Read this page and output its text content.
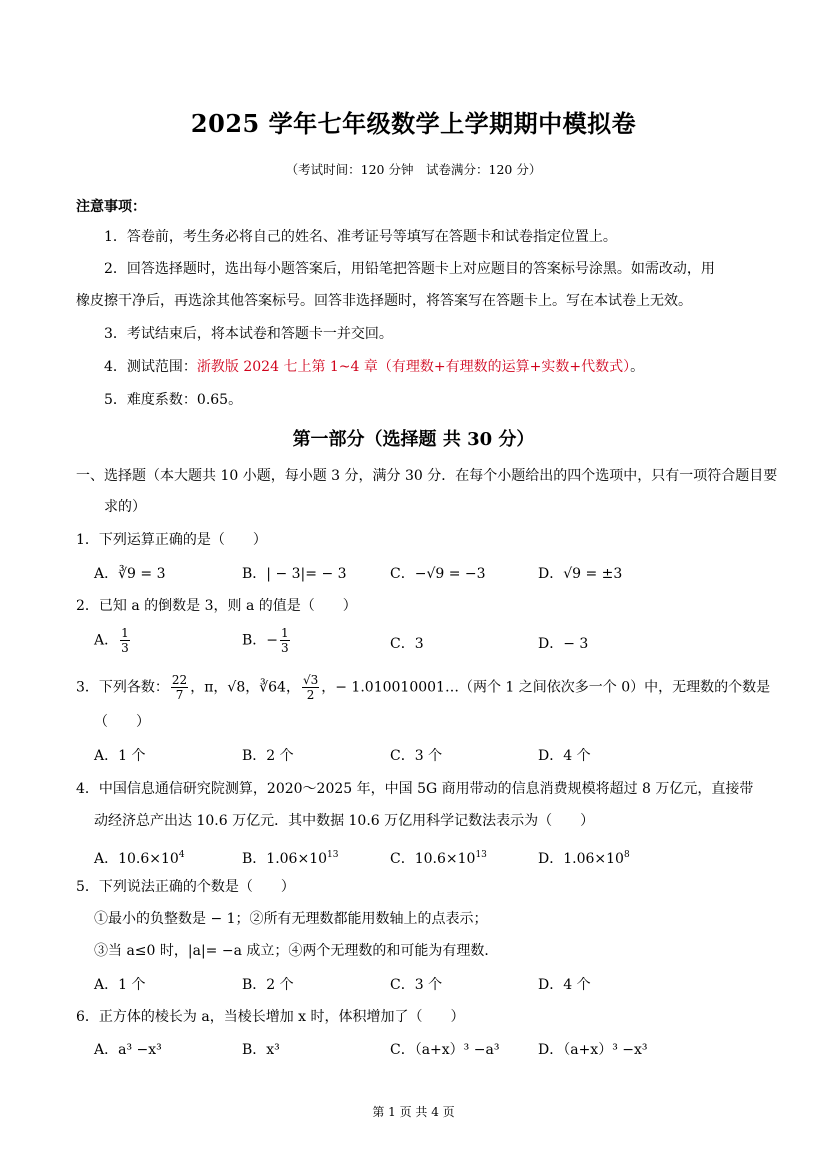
2025 学年七年级数学上学期期中模拟卷
（考试时间：120 分钟　试卷满分：120 分）
注意事项：
1．答卷前，考生务必将自己的姓名、准考证号等填写在答题卡和试卷指定位置上。
2．回答选择题时，选出每小题答案后，用铅笔把答题卡上对应题目的答案标号涂黑。如需改动，用
橡皮擦干净后，再选涂其他答案标号。回答非选择题时，将答案写在答题卡上。写在本试卷上无效。
3．考试结束后，将本试卷和答题卡一并交回。
4．测试范围：浙教版 2024 七上第 1~4 章（有理数+有理数的运算+实数+代数式）。
5．难度系数：0.65。
第一部分（选择题 共 30 分）
一、选择题（本大题共 10 小题，每小题 3 分，满分 30 分．在每个小题给出的四个选项中，只有一项符合题目要
求的）
1．下列运算正确的是（　　）
A．∛9 = 3	B．| − 3|= − 3	C．−√9 = −3	D．√9 = ±3
2．已知 a 的倒数是 3，则 a 的值是（　　）
A． $\frac{1}{3}$	B．− $\frac{1}{3}$	C．3	D．− 3
3．下列各数： $\frac{22}{7}$ ，π，√8，∛64， $\frac{√3}{2}$ ，− 1.010010001…（两个 1 之间依次多一个 0）中，无理数的个数是
（　　）
A．1 个	B．2 个	C．3 个	D．4 个
4．中国信息通信研究院测算，2020～2025 年，中国 5G 商用带动的信息消费规模将超过 8 万亿元，直接带
动经济总产出达 10.6 万亿元．其中数据 10.6 万亿用科学记数法表示为（　　）
A．$10.6\times 10^4$	B．$1.06\times 10^{13}$	C．$10.6\times 10^{13}$	D．$1.06\times 10^8$
5．下列说法正确的个数是（　　）
①最小的负整数是 − 1；②所有无理数都能用数轴上的点表示；
③当 a≤0 时，|a|= −a 成立；④两个无理数的和可能为有理数．
A．1 个	B．2 个	C．3 个	D．4 个
6．正方体的棱长为 a，当棱长增加 x 时，体积增加了（　　）
A．a³ −x³	B．x³	C．（a+x）³ −a³	D．（a+x）³ −x³
第 1 页 共 4 页
